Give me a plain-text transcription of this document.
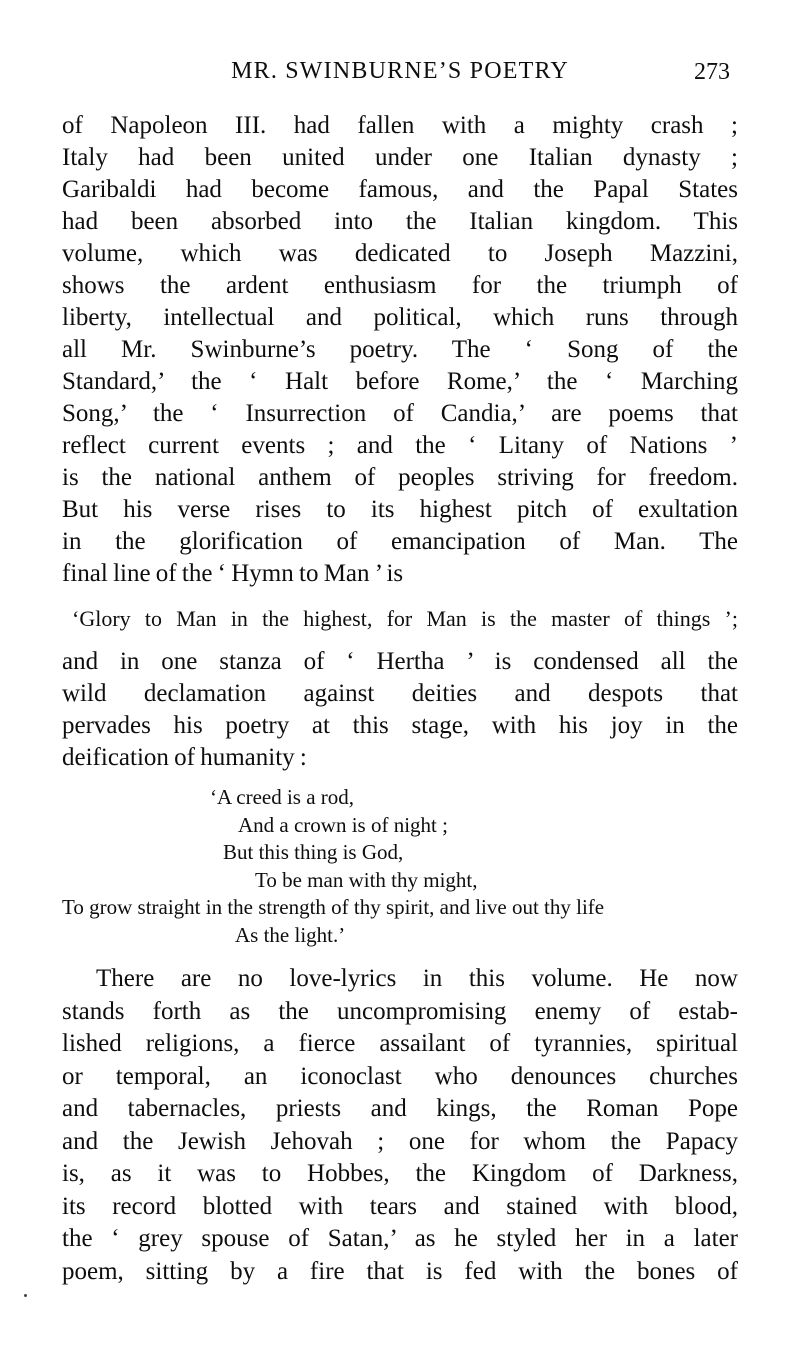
MR. SWINBURNE’S POETRY	273
of Napoleon III. had fallen with a mighty crash ;
Italy had been united under one Italian dynasty ;
Garibaldi had become famous, and the Papal States
had been absorbed into the Italian kingdom. This
volume, which was dedicated to Joseph Mazzini,
shows the ardent enthusiasm for the triumph of
liberty, intellectual and political, which runs through
all Mr. Swinburne’s poetry. The ‘ Song of the
Standard,’ the ‘ Halt before Rome,’ the ‘ Marching
Song,’ the ‘ Insurrection of Candia,’ are poems that
reflect current events ; and the ‘ Litany of Nations ’
is the national anthem of peoples striving for freedom.
But his verse rises to its highest pitch of exultation
in the glorification of emancipation of Man. The
final line of the ‘ Hymn to Man ’ is
‘Glory to Man in the highest, for Man is the master of things ’;
and in one stanza of ‘ Hertha ’ is condensed all the
wild declamation against deities and despots that
pervades his poetry at this stage, with his joy in the
deification of humanity :
‘A creed is a rod,
And a crown is of night ;
But this thing is God,
To be man with thy might,
To grow straight in the strength of thy spirit, and live out thy life
As the light.’
There are no love-lyrics in this volume. He now
stands forth as the uncompromising enemy of estab-
lished religions, a fierce assailant of tyrannies, spiritual
or temporal, an iconoclast who denounces churches
and tabernacles, priests and kings, the Roman Pope
and the Jewish Jehovah ; one for whom the Papacy
is, as it was to Hobbes, the Kingdom of Darkness,
its record blotted with tears and stained with blood,
the ‘ grey spouse of Satan,’ as he styled her in a later
poem, sitting by a fire that is fed with the bones of
